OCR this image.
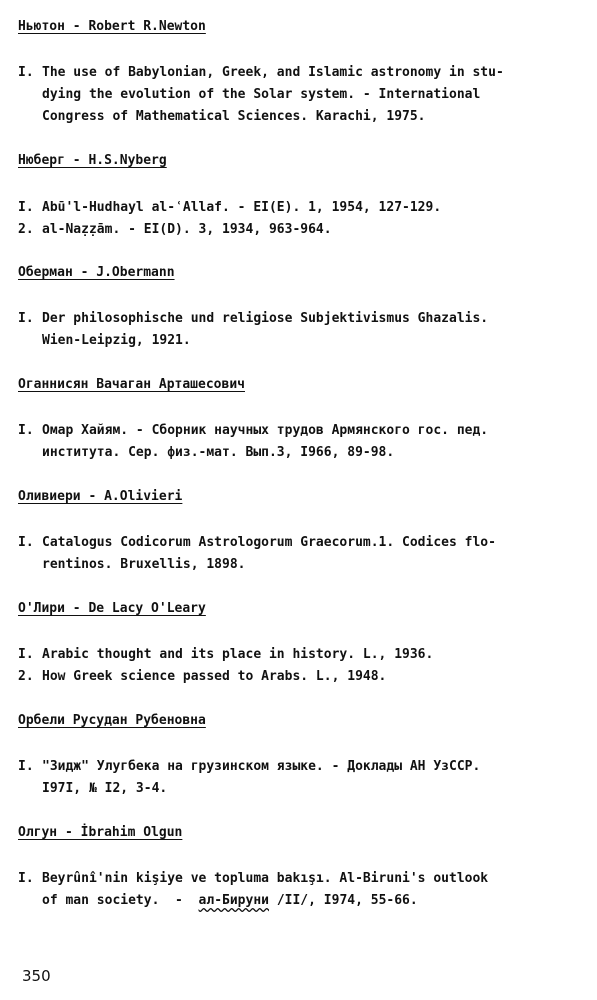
Ньютон - Robert R.Newton
I. The use of Babylonian, Greek, and Islamic astronomy in stu-
dying the evolution of the Solar system. - International
Congress of Mathematical Sciences. Karachi, 1975.
Нюберг - H.S.Nyberg
I. Abū'l-Hudhayl al-ʿAllaf. - EI(E). 1, 1954, 127-129.
2. al-Naẓẓām. - EI(D). 3, 1934, 963-964.
Оберман - J.Obermann
I. Der philosophische und religiose Subjektivismus Ghazalis.
Wien-Leipzig, 1921.
Оганнисян Вачаган Арташесович
I. Омар Хайям. - Сборник научных трудов Армянского гос. пед.
института. Сер. физ.-мат. Вып.3, I966, 89-98.
Оливиери - A.Olivieri
I. Catalogus Codicorum Astrologorum Graecorum.1. Codices flo-
rentinos. Bruxellis, 1898.
О'Лири - De Lacy O'Leary
I. Arabic thought and its place in history. L., 1936.
2. How Greek science passed to Arabs. L., 1948.
Орбели Русудан Рубеновна
I. "Зидж" Улугбека на грузинском языке. - Доклады АН УзССР.
I97I, № I2, 3-4.
Олгун - İbrahim Olgun
I. Beyrûnî'nin kişiye ve topluma bakışı. Al-Biruni's outlook
of man society.  -  ал-Бируни /II/, I974, 55-66.
350
